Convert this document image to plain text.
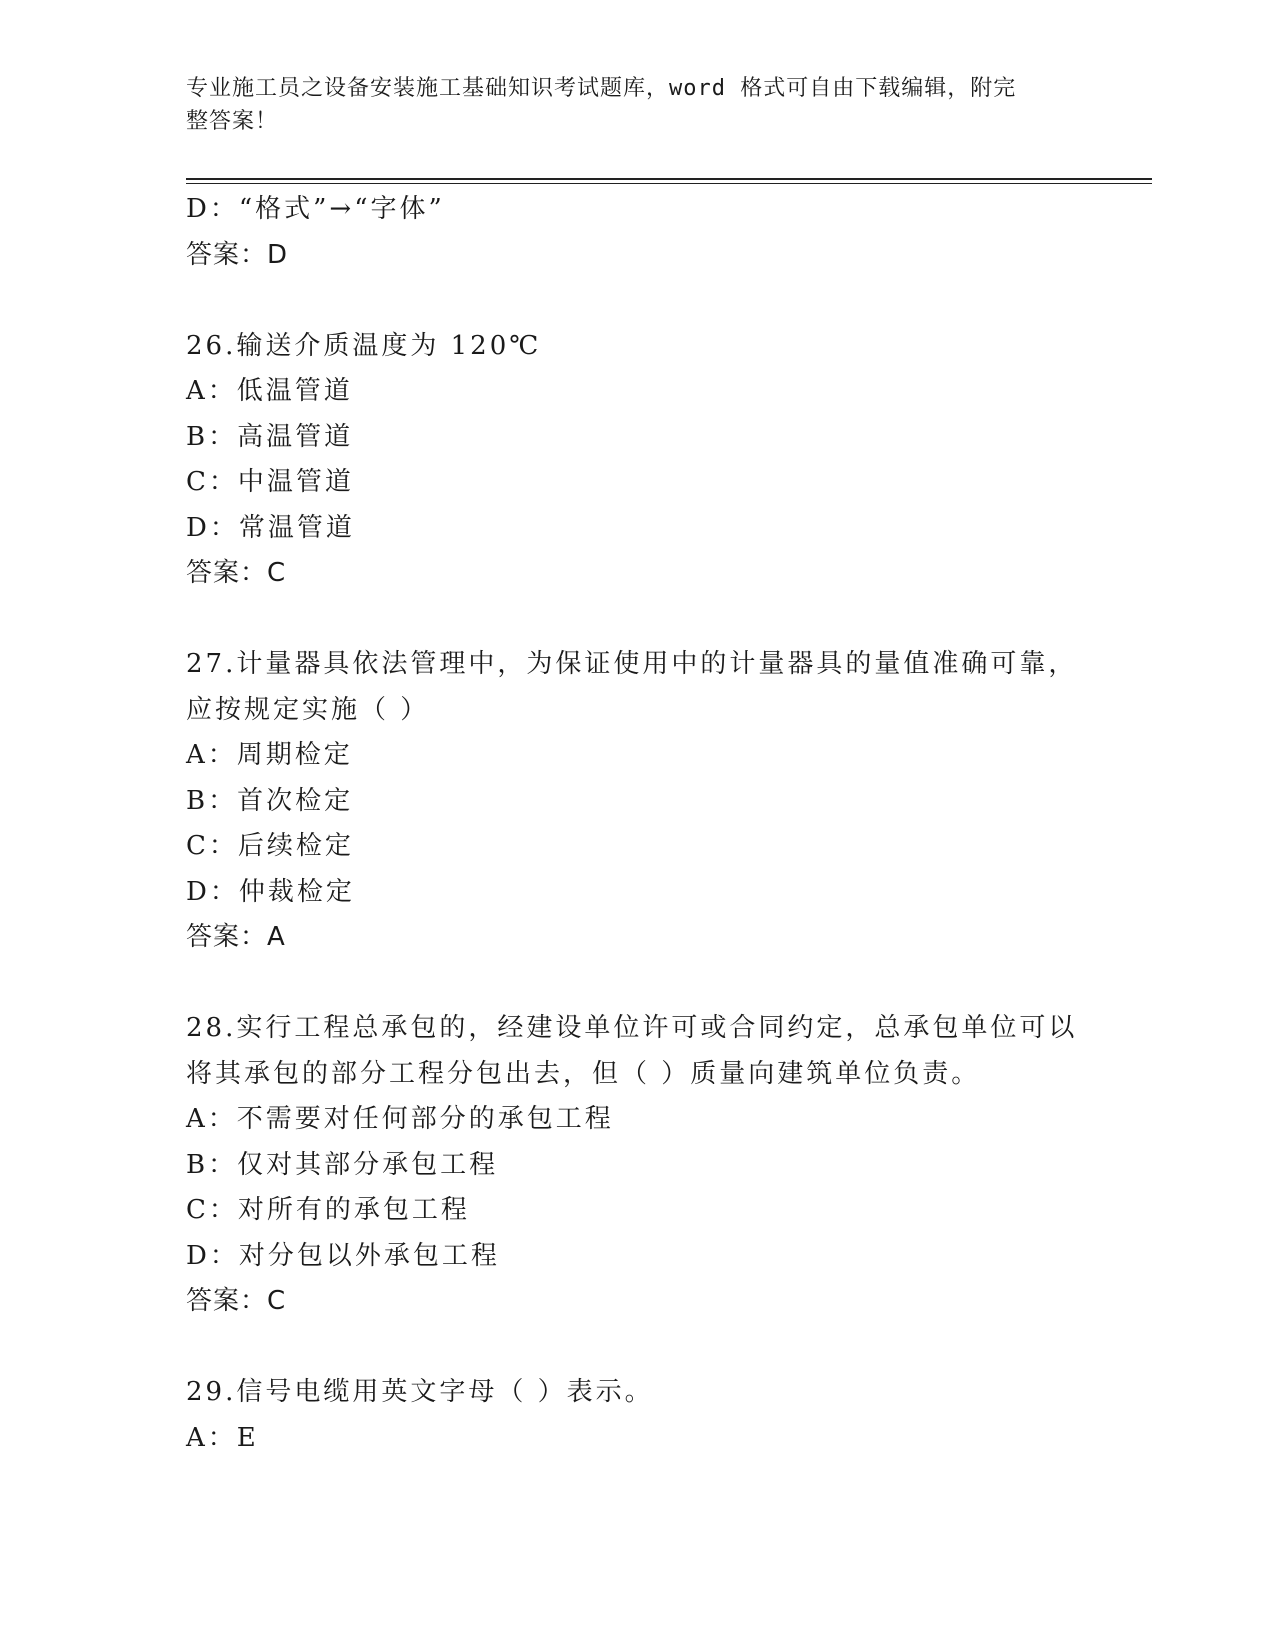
专业施工员之设备安装施工基础知识考试题库，word 格式可自由下载编辑，附完
整答案！
D：“格式”→“字体”
答案：D
26.输送介质温度为 120℃
A：低温管道
B：高温管道
C：中温管道
D：常温管道
答案：C
27.计量器具依法管理中，为保证使用中的计量器具的量值准确可靠，
应按规定实施（ ）
A：周期检定
B：首次检定
C：后续检定
D：仲裁检定
答案：A
28.实行工程总承包的，经建设单位许可或合同约定，总承包单位可以
将其承包的部分工程分包出去，但（ ）质量向建筑单位负责。
A：不需要对任何部分的承包工程
B：仅对其部分承包工程
C：对所有的承包工程
D：对分包以外承包工程
答案：C
29.信号电缆用英文字母（ ）表示。
A：E
